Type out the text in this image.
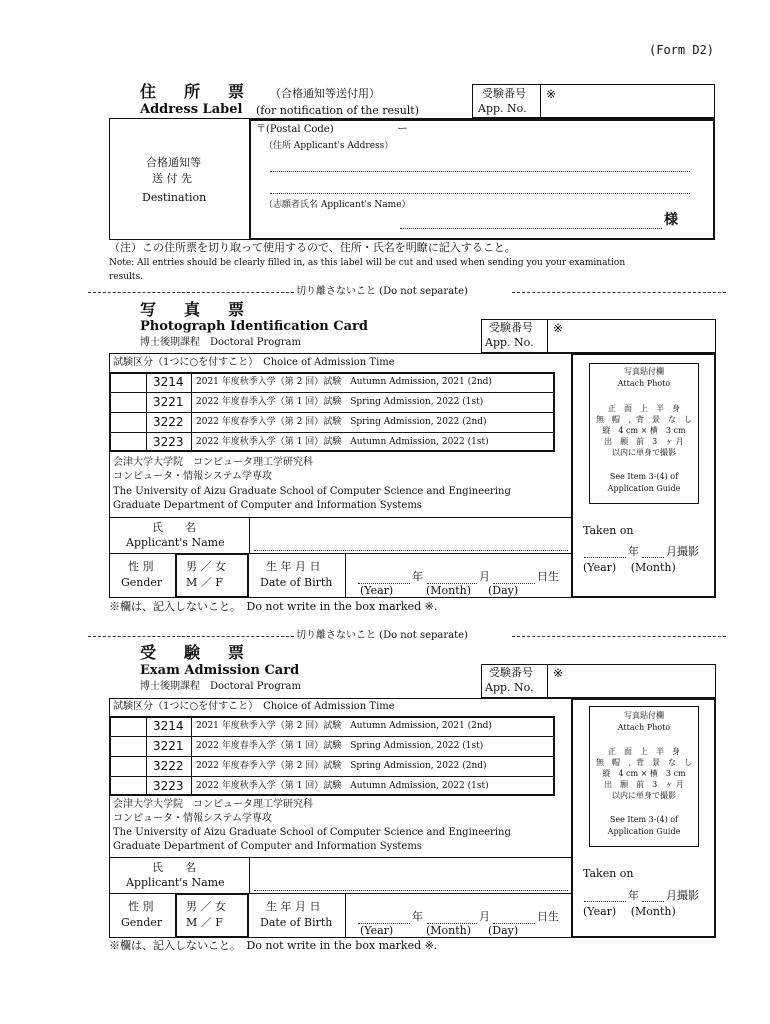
(Form D2)
住　所　票 （合格通知等送付用）
Address Label (for notification of the result)
受験番号
App. No.
※
合格通知等
送 付 先
Destination
〒(Postal Code)	ー
（住所 Applicant's Address）
（志願者氏名 Applicant's Name）
様
（注）この住所票を切り取って使用するので、住所・氏名を明瞭に記入すること。
Note: All entries should be clearly filled in, as this label will be cut and used when sending you your examination
results.
切り離さないこと (Do not separate)
写　真　票
Photograph Identification Card
博士後期課程　Doctoral Program
受験番号
App. No.
※
試験区分（1つに○を付すこと）　Choice of Admission Time
3214 2021 年度秋季入学（第 2 回）試験　Autumn Admission, 2021 (2nd)
3221 2022 年度春季入学（第 1 回）試験　Spring Admission, 2022 (1st)
3222 2022 年度春季入学（第 2 回）試験　Spring Admission, 2022 (2nd)
3223 2022 年度秋季入学（第 1 回）試験　Autumn Admission, 2022 (1st)
会津大学大学院　コンピュータ理工学研究科
コンピュータ・情報システム学専攻
The University of Aizu Graduate School of Computer Science and Engineering
Graduate Department of Computer and Information Systems
氏　　名
Applicant's Name
性 別
Gender
男 ／ 女
M ／ F
生 年 月 日
Date of Birth	年	月	日生
(Year)	(Month) (Day)
写真貼付欄
Attach Photo
正　面　上　半　身
無　帽　、背　景　な　し
縦　4 cm × 横　3 cm
出　願　前　3　ヶ 月
以内に単身で撮影
See Item 3-(4) of
Application Guide
Taken on
年 月撮影
(Year)　 (Month)
※欄は、記入しないこと。　Do not write in the box marked ※.
切り離さないこと (Do not separate)
受　験　票
Exam Admission Card
博士後期課程　Doctoral Program
受験番号
App. No.
※
試験区分（1つに○を付すこと）　Choice of Admission Time
3214 2021 年度秋季入学（第 2 回）試験　Autumn Admission, 2021 (2nd)
3221 2022 年度春季入学（第 1 回）試験　Spring Admission, 2022 (1st)
3222 2022 年度春季入学（第 2 回）試験　Spring Admission, 2022 (2nd)
3223 2022 年度秋季入学（第 1 回）試験　Autumn Admission, 2022 (1st)
会津大学大学院　コンピュータ理工学研究科
コンピュータ・情報システム学専攻
The University of Aizu Graduate School of Computer Science and Engineering
Graduate Department of Computer and Information Systems
氏　　名
Applicant's Name
性 別
Gender
男 ／ 女
M ／ F
生 年 月 日
Date of Birth	年	月	日生
(Year)	(Month) (Day)
写真貼付欄
Attach Photo
正　面　上　半　身
無　帽　、背　景　な　し
縦　4 cm × 横　3 cm
出　願　前　3　ヶ 月
以内に単身で撮影
See Item 3-(4) of
Application Guide
Taken on
年 月撮影
(Year)　 (Month)
※欄は、記入しないこと。　Do not write in the box marked ※.
